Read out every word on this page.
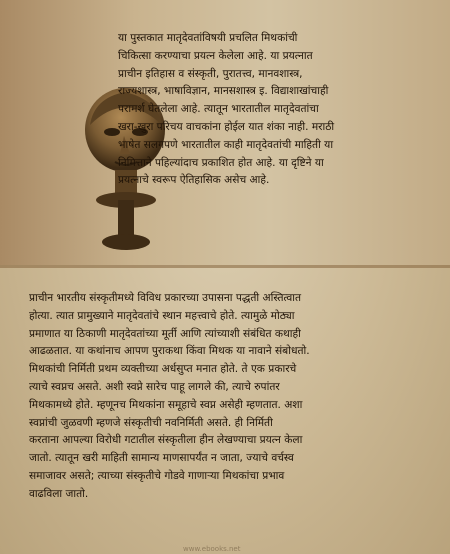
या पुस्तकात मातृदेवतांविषयी प्रचलित मिथकांची
चिकित्सा करण्याचा प्रयत्न केलेला आहे. या प्रयत्नात
प्राचीन इतिहास व संस्कृती, पुरातत्त्व, मानवशास्त्र,
राज्यशास्त्र, भाषाविज्ञान, मानसशास्त्र इ. विद्याशाखांचाही
परामर्श घेतलेला आहे. त्यातून भारतातील मातृदेवतांचा
खरा-खुरा परिचय वाचकांना होईल यात शंका नाही. मराठी
भाषेत सलगपणे भारतातील काही मातृदेवतांची माहिती या
निमित्ताने पहिल्यांदाच प्रकाशित होत आहे. या दृष्टिने या
प्रयत्नाचे स्वरूप ऐतिहासिक असेच आहे.
प्राचीन भारतीय संस्कृतीमध्ये विविध प्रकारच्या उपासना पद्धती अस्तित्वात
होत्या. त्यात प्रामुख्याने मातृदेवतांचे स्थान महत्त्वाचे होते. त्यामुळे मोठ्या
प्रमाणात या ठिकाणी मातृदेवतांच्या मूर्ती आणि त्यांच्याशी संबंधित कथाही
आढळतात. या कथांनाच आपण पुराकथा किंवा मिथक या नावाने संबोधतो.
मिथकांची निर्मिती प्रथम व्यक्तीच्या अर्धसुप्त मनात होते. ते एक प्रकारचे
त्याचे स्वप्नच असते. अशी स्वप्ने सारेच पाहू लागले की, त्याचे रुपांतर
मिथकामध्ये होते. म्हणूनच मिथकांना समूहाचे स्वप्न असेही म्हणतात. अशा
स्वप्नांची जुळवणी म्हणजे संस्कृतीची नवनिर्मिती असते. ही निर्मिती
करताना आपल्या विरोधी गटातील संस्कृतीला हीन लेखण्याचा प्रयत्न केला
जातो. त्यातून खरी माहिती सामान्य माणसापर्यंत न जाता, ज्याचे वर्चस्व
समाजावर असते; त्याच्या संस्कृतीचे गोडवे गाणाऱ्या मिथकांचा प्रभाव
वाढविला जातो.
www.ebooks.net
